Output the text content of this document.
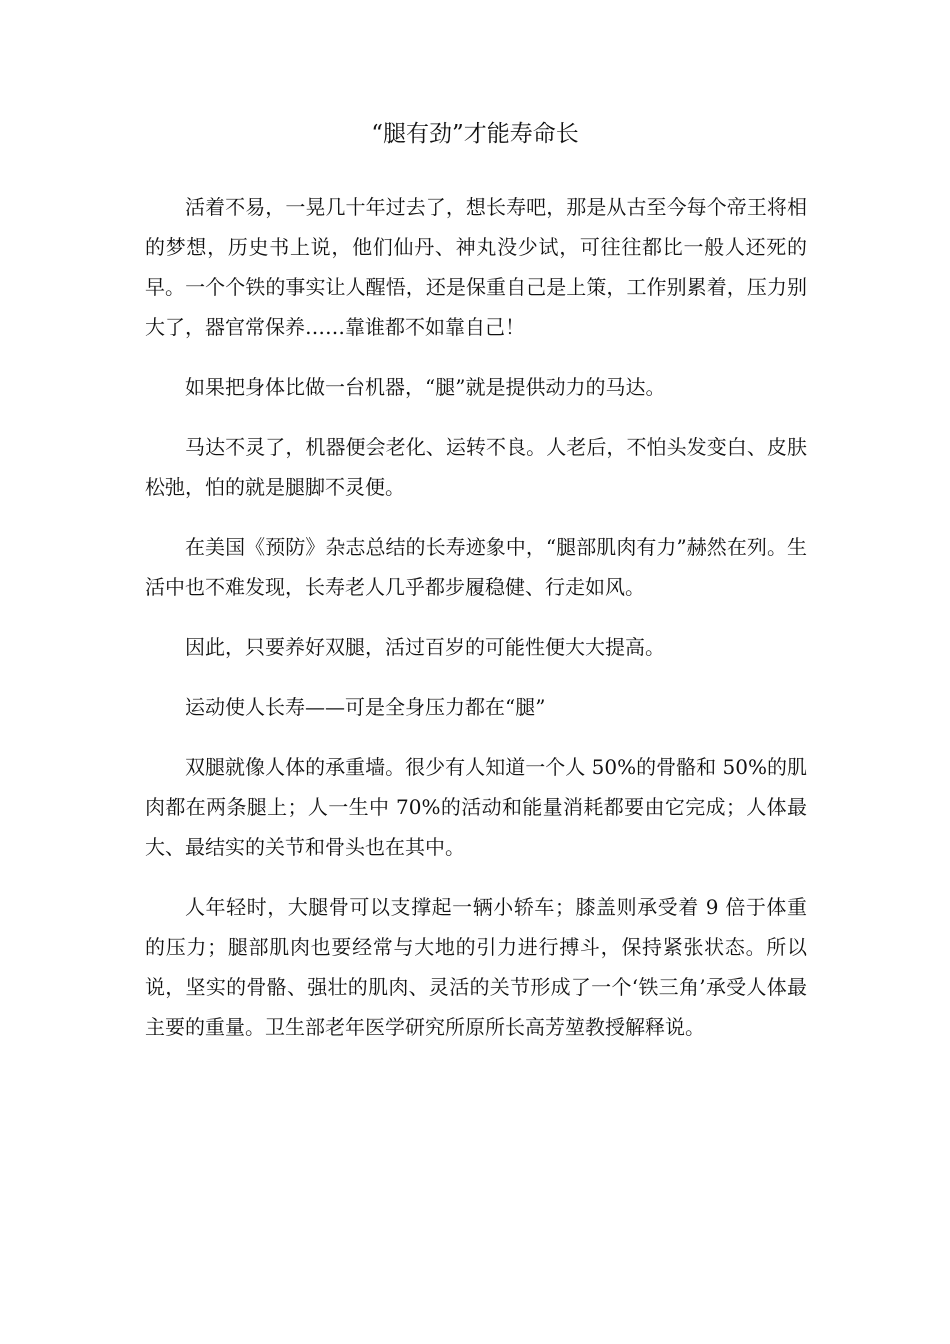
“腿有劲”才能寿命长

活着不易，一晃几十年过去了，想长寿吧，那是从古至今每个帝王将相的梦想，历史书上说，他们仙丹、神丸没少试，可往往都比一般人还死的早。一个个铁的事实让人醒悟，还是保重自己是上策，工作别累着，压力别大了，器官常保养……靠谁都不如靠自己！

如果把身体比做一台机器，“腿”就是提供动力的马达。

马达不灵了，机器便会老化、运转不良。人老后，不怕头发变白、皮肤松弛，怕的就是腿脚不灵便。

在美国《预防》杂志总结的长寿迹象中，“腿部肌肉有力”赫然在列。生活中也不难发现，长寿老人几乎都步履稳健、行走如风。

因此，只要养好双腿，活过百岁的可能性便大大提高。

运动使人长寿——可是全身压力都在“腿”

双腿就像人体的承重墙。很少有人知道一个人 50%的骨骼和 50%的肌肉都在两条腿上；人一生中 70%的活动和能量消耗都要由它完成；人体最大、最结实的关节和骨头也在其中。

人年轻时，大腿骨可以支撑起一辆小轿车；膝盖则承受着 9 倍于体重的压力；腿部肌肉也要经常与大地的引力进行搏斗，保持紧张状态。所以说，坚实的骨骼、强壮的肌肉、灵活的关节形成了一个‘铁三角’承受人体最主要的重量。卫生部老年医学研究所原所长高芳堃教授解释说。
